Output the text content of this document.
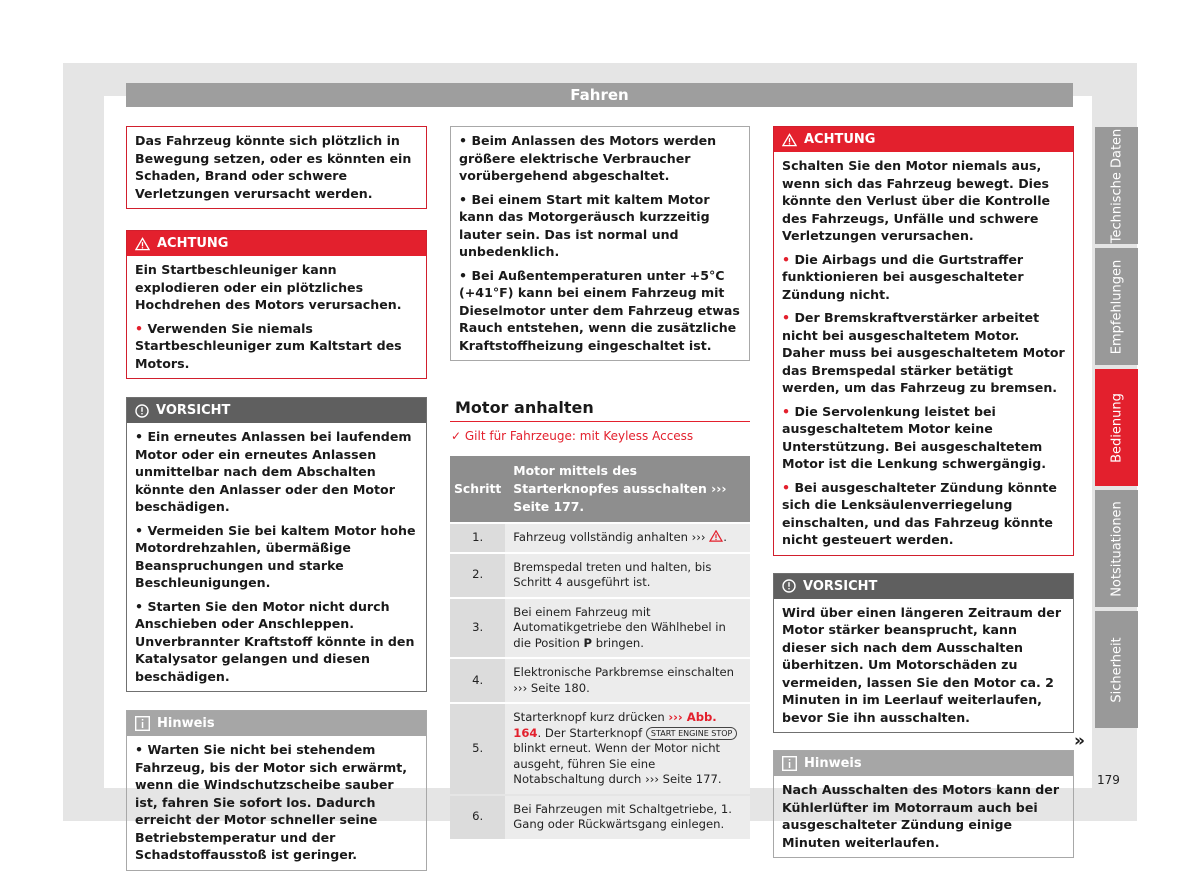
Fahren

Das Fahrzeug könnte sich plötzlich in Bewegung setzen, oder es könnten ein Schaden, Brand oder schwere Verletzungen verursacht werden.

ACHTUNG

Ein Startbeschleuniger kann explodieren oder ein plötzliches Hochdrehen des Motors verursachen.

• Verwenden Sie niemals Startbeschleuniger zum Kaltstart des Motors.

VORSICHT

• Ein erneutes Anlassen bei laufendem Motor oder ein erneutes Anlassen unmittelbar nach dem Abschalten könnte den Anlasser oder den Motor beschädigen.

• Vermeiden Sie bei kaltem Motor hohe Motordrehzahlen, übermäßige Beanspruchungen und starke Beschleunigungen.

• Starten Sie den Motor nicht durch Anschieben oder Anschleppen. Unverbrannter Kraftstoff könnte in den Katalysator gelangen und diesen beschädigen.

Hinweis

• Warten Sie nicht bei stehendem Fahrzeug, bis der Motor sich erwärmt, wenn die Windschutzscheibe sauber ist, fahren Sie sofort los. Dadurch erreicht der Motor schneller seine Betriebstemperatur und der Schadstoffausstoß ist geringer.

• Beim Anlassen des Motors werden größere elektrische Verbraucher vorübergehend abgeschaltet.

• Bei einem Start mit kaltem Motor kann das Motorgeräusch kurzzeitig lauter sein. Das ist normal und unbedenklich.

• Bei Außentemperaturen unter +5°C (+41°F) kann bei einem Fahrzeug mit Dieselmotor unter dem Fahrzeug etwas Rauch entstehen, wenn die zusätzliche Kraftstoffheizung eingeschaltet ist.

Motor anhalten
✓ Gilt für Fahrzeuge: mit Keyless Access
Schritt	Motor mittels des Starterknopfes ausschalten ››› Seite 177.
1.	Fahrzeug vollständig anhalten ››› .
2.	Bremspedal treten und halten, bis Schritt 4 ausgeführt ist.
3.	Bei einem Fahrzeug mit Automatikgetriebe den Wählhebel in die Position P bringen.
4.	Elektronische Parkbremse einschalten ››› Seite 180.
5.	Starterknopf kurz drücken ››› Abb. 164. Der Starterknopf START ENGINE STOP blinkt erneut. Wenn der Motor nicht ausgeht, führen Sie eine Notabschaltung durch ››› Seite 177.
6.	Bei Fahrzeugen mit Schaltgetriebe, 1. Gang oder Rückwärtsgang einlegen.
ACHTUNG

Schalten Sie den Motor niemals aus, wenn sich das Fahrzeug bewegt. Dies könnte den Verlust über die Kontrolle des Fahrzeugs, Unfälle und schwere Verletzungen verursachen.

• Die Airbags und die Gurtstraffer funktionieren bei ausgeschalteter Zündung nicht.

• Der Bremskraftverstärker arbeitet nicht bei ausgeschaltetem Motor. Daher muss bei ausgeschaltetem Motor das Bremspedal stärker betätigt werden, um das Fahrzeug zu bremsen.

• Die Servolenkung leistet bei ausgeschaltetem Motor keine Unterstützung. Bei ausgeschaltetem Motor ist die Lenkung schwergängig.

• Bei ausgeschalteter Zündung könnte sich die Lenksäulenverriegelung einschalten, und das Fahrzeug könnte nicht gesteuert werden.

VORSICHT

Wird über einen längeren Zeitraum der Motor stärker beansprucht, kann dieser sich nach dem Ausschalten überhitzen. Um Motorschäden zu vermeiden, lassen Sie den Motor ca. 2 Minuten in im Leerlauf weiterlaufen, bevor Sie ihn ausschalten.

Hinweis

Nach Ausschalten des Motors kann der Kühlerlüfter im Motorraum auch bei ausgeschalteter Zündung einige Minuten weiterlaufen.

»
Technische Daten
Empfehlungen
Bedienung
Notsituationen
Sicherheit
179
